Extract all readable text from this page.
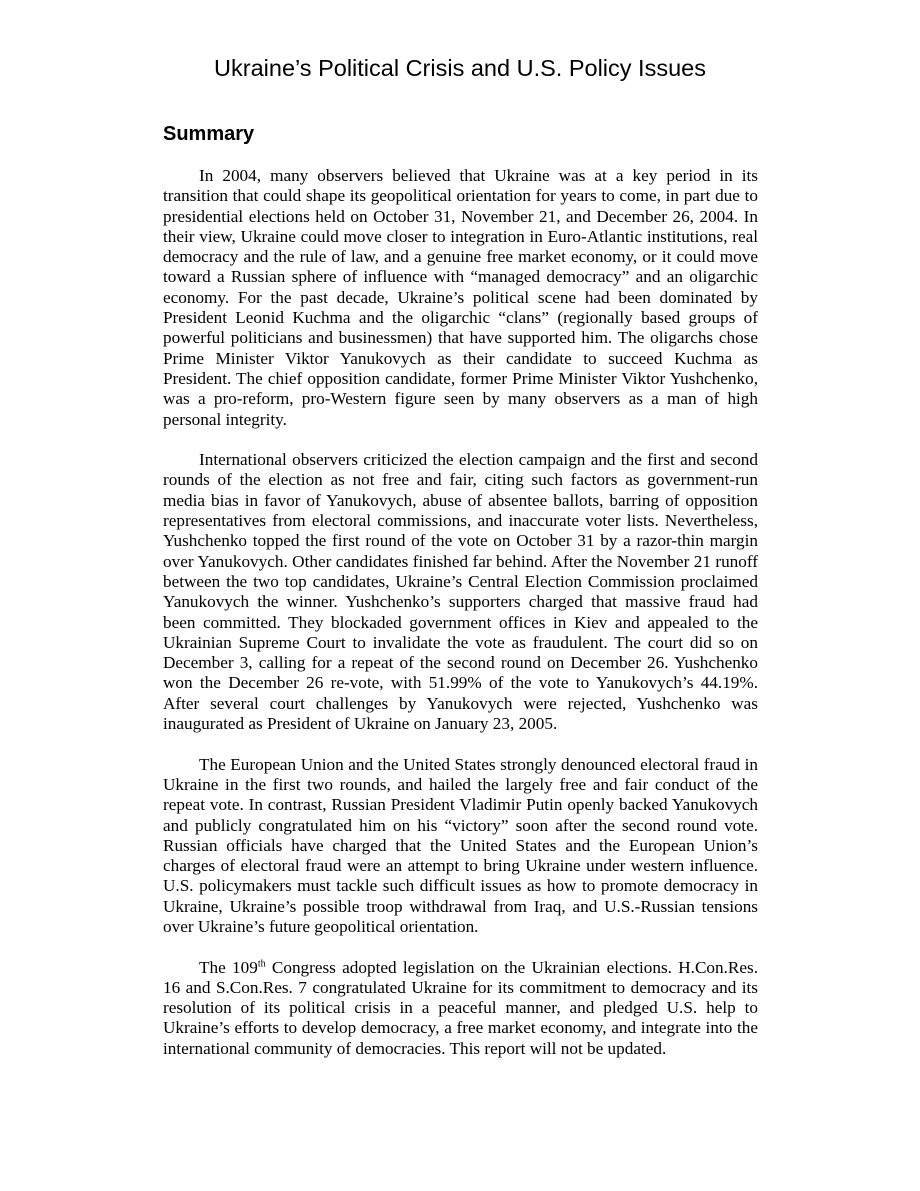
Ukraine’s Political Crisis and U.S. Policy Issues
Summary

In 2004, many observers believed that Ukraine was at a key period in its transition that could shape its geopolitical orientation for years to come, in part due to presidential elections held on October 31, November 21, and December 26, 2004. In their view, Ukraine could move closer to integration in Euro-Atlantic institutions, real democracy and the rule of law, and a genuine free market economy, or it could move toward a Russian sphere of influence with “managed democracy” and an oligarchic economy. For the past decade, Ukraine’s political scene had been dominated by President Leonid Kuchma and the oligarchic “clans” (regionally based groups of powerful politicians and businessmen) that have supported him. The oligarchs chose Prime Minister Viktor Yanukovych as their candidate to succeed Kuchma as President. The chief opposition candidate, former Prime Minister Viktor Yushchenko, was a pro-reform, pro-Western figure seen by many observers as a man of high personal integrity.

International observers criticized the election campaign and the first and second rounds of the election as not free and fair, citing such factors as government-run media bias in favor of Yanukovych, abuse of absentee ballots, barring of opposition representatives from electoral commissions, and inaccurate voter lists. Nevertheless, Yushchenko topped the first round of the vote on October 31 by a razor-thin margin over Yanukovych. Other candidates finished far behind. After the November 21 runoff between the two top candidates, Ukraine’s Central Election Commission proclaimed Yanukovych the winner. Yushchenko’s supporters charged that massive fraud had been committed. They blockaded government offices in Kiev and appealed to the Ukrainian Supreme Court to invalidate the vote as fraudulent. The court did so on December 3, calling for a repeat of the second round on December 26. Yushchenko won the December 26 re-vote, with 51.99% of the vote to Yanukovych’s 44.19%. After several court challenges by Yanukovych were rejected, Yushchenko was inaugurated as President of Ukraine on January 23, 2005.

The European Union and the United States strongly denounced electoral fraud in Ukraine in the first two rounds, and hailed the largely free and fair conduct of the repeat vote. In contrast, Russian President Vladimir Putin openly backed Yanukovych and publicly congratulated him on his “victory” soon after the second round vote. Russian officials have charged that the United States and the European Union’s charges of electoral fraud were an attempt to bring Ukraine under western influence. U.S. policymakers must tackle such difficult issues as how to promote democracy in Ukraine, Ukraine’s possible troop withdrawal from Iraq, and U.S.-Russian tensions over Ukraine’s future geopolitical orientation.

The 109th Congress adopted legislation on the Ukrainian elections. H.Con.Res. 16 and S.Con.Res. 7 congratulated Ukraine for its commitment to democracy and its resolution of its political crisis in a peaceful manner, and pledged U.S. help to Ukraine’s efforts to develop democracy, a free market economy, and integrate into the international community of democracies. This report will not be updated.
